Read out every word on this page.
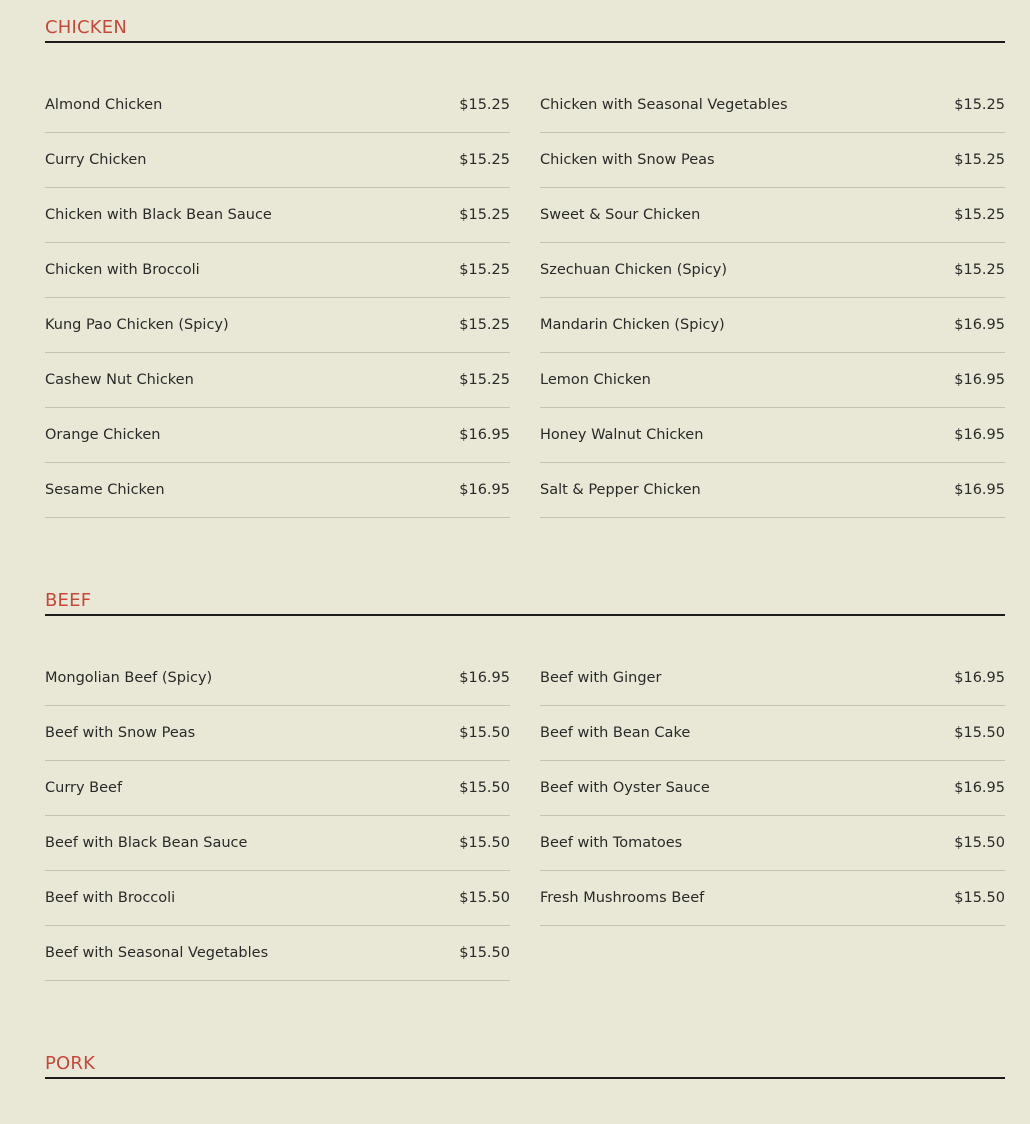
CHICKEN
Almond Chicken	$15.25
Curry Chicken	$15.25
Chicken with Black Bean Sauce	$15.25
Chicken with Broccoli	$15.25
Kung Pao Chicken (Spicy)	$15.25
Cashew Nut Chicken	$15.25
Orange Chicken	$16.95
Sesame Chicken	$16.95
Chicken with Seasonal Vegetables	$15.25
Chicken with Snow Peas	$15.25
Sweet & Sour Chicken	$15.25
Szechuan Chicken (Spicy)	$15.25
Mandarin Chicken (Spicy)	$16.95
Lemon Chicken	$16.95
Honey Walnut Chicken	$16.95
Salt & Pepper Chicken	$16.95
BEEF
Mongolian Beef (Spicy)	$16.95
Beef with Snow Peas	$15.50
Curry Beef	$15.50
Beef with Black Bean Sauce	$15.50
Beef with Broccoli	$15.50
Beef with Seasonal Vegetables	$15.50
Beef with Ginger	$16.95
Beef with Bean Cake	$15.50
Beef with Oyster Sauce	$16.95
Beef with Tomatoes	$15.50
Fresh Mushrooms Beef	$15.50
PORK
